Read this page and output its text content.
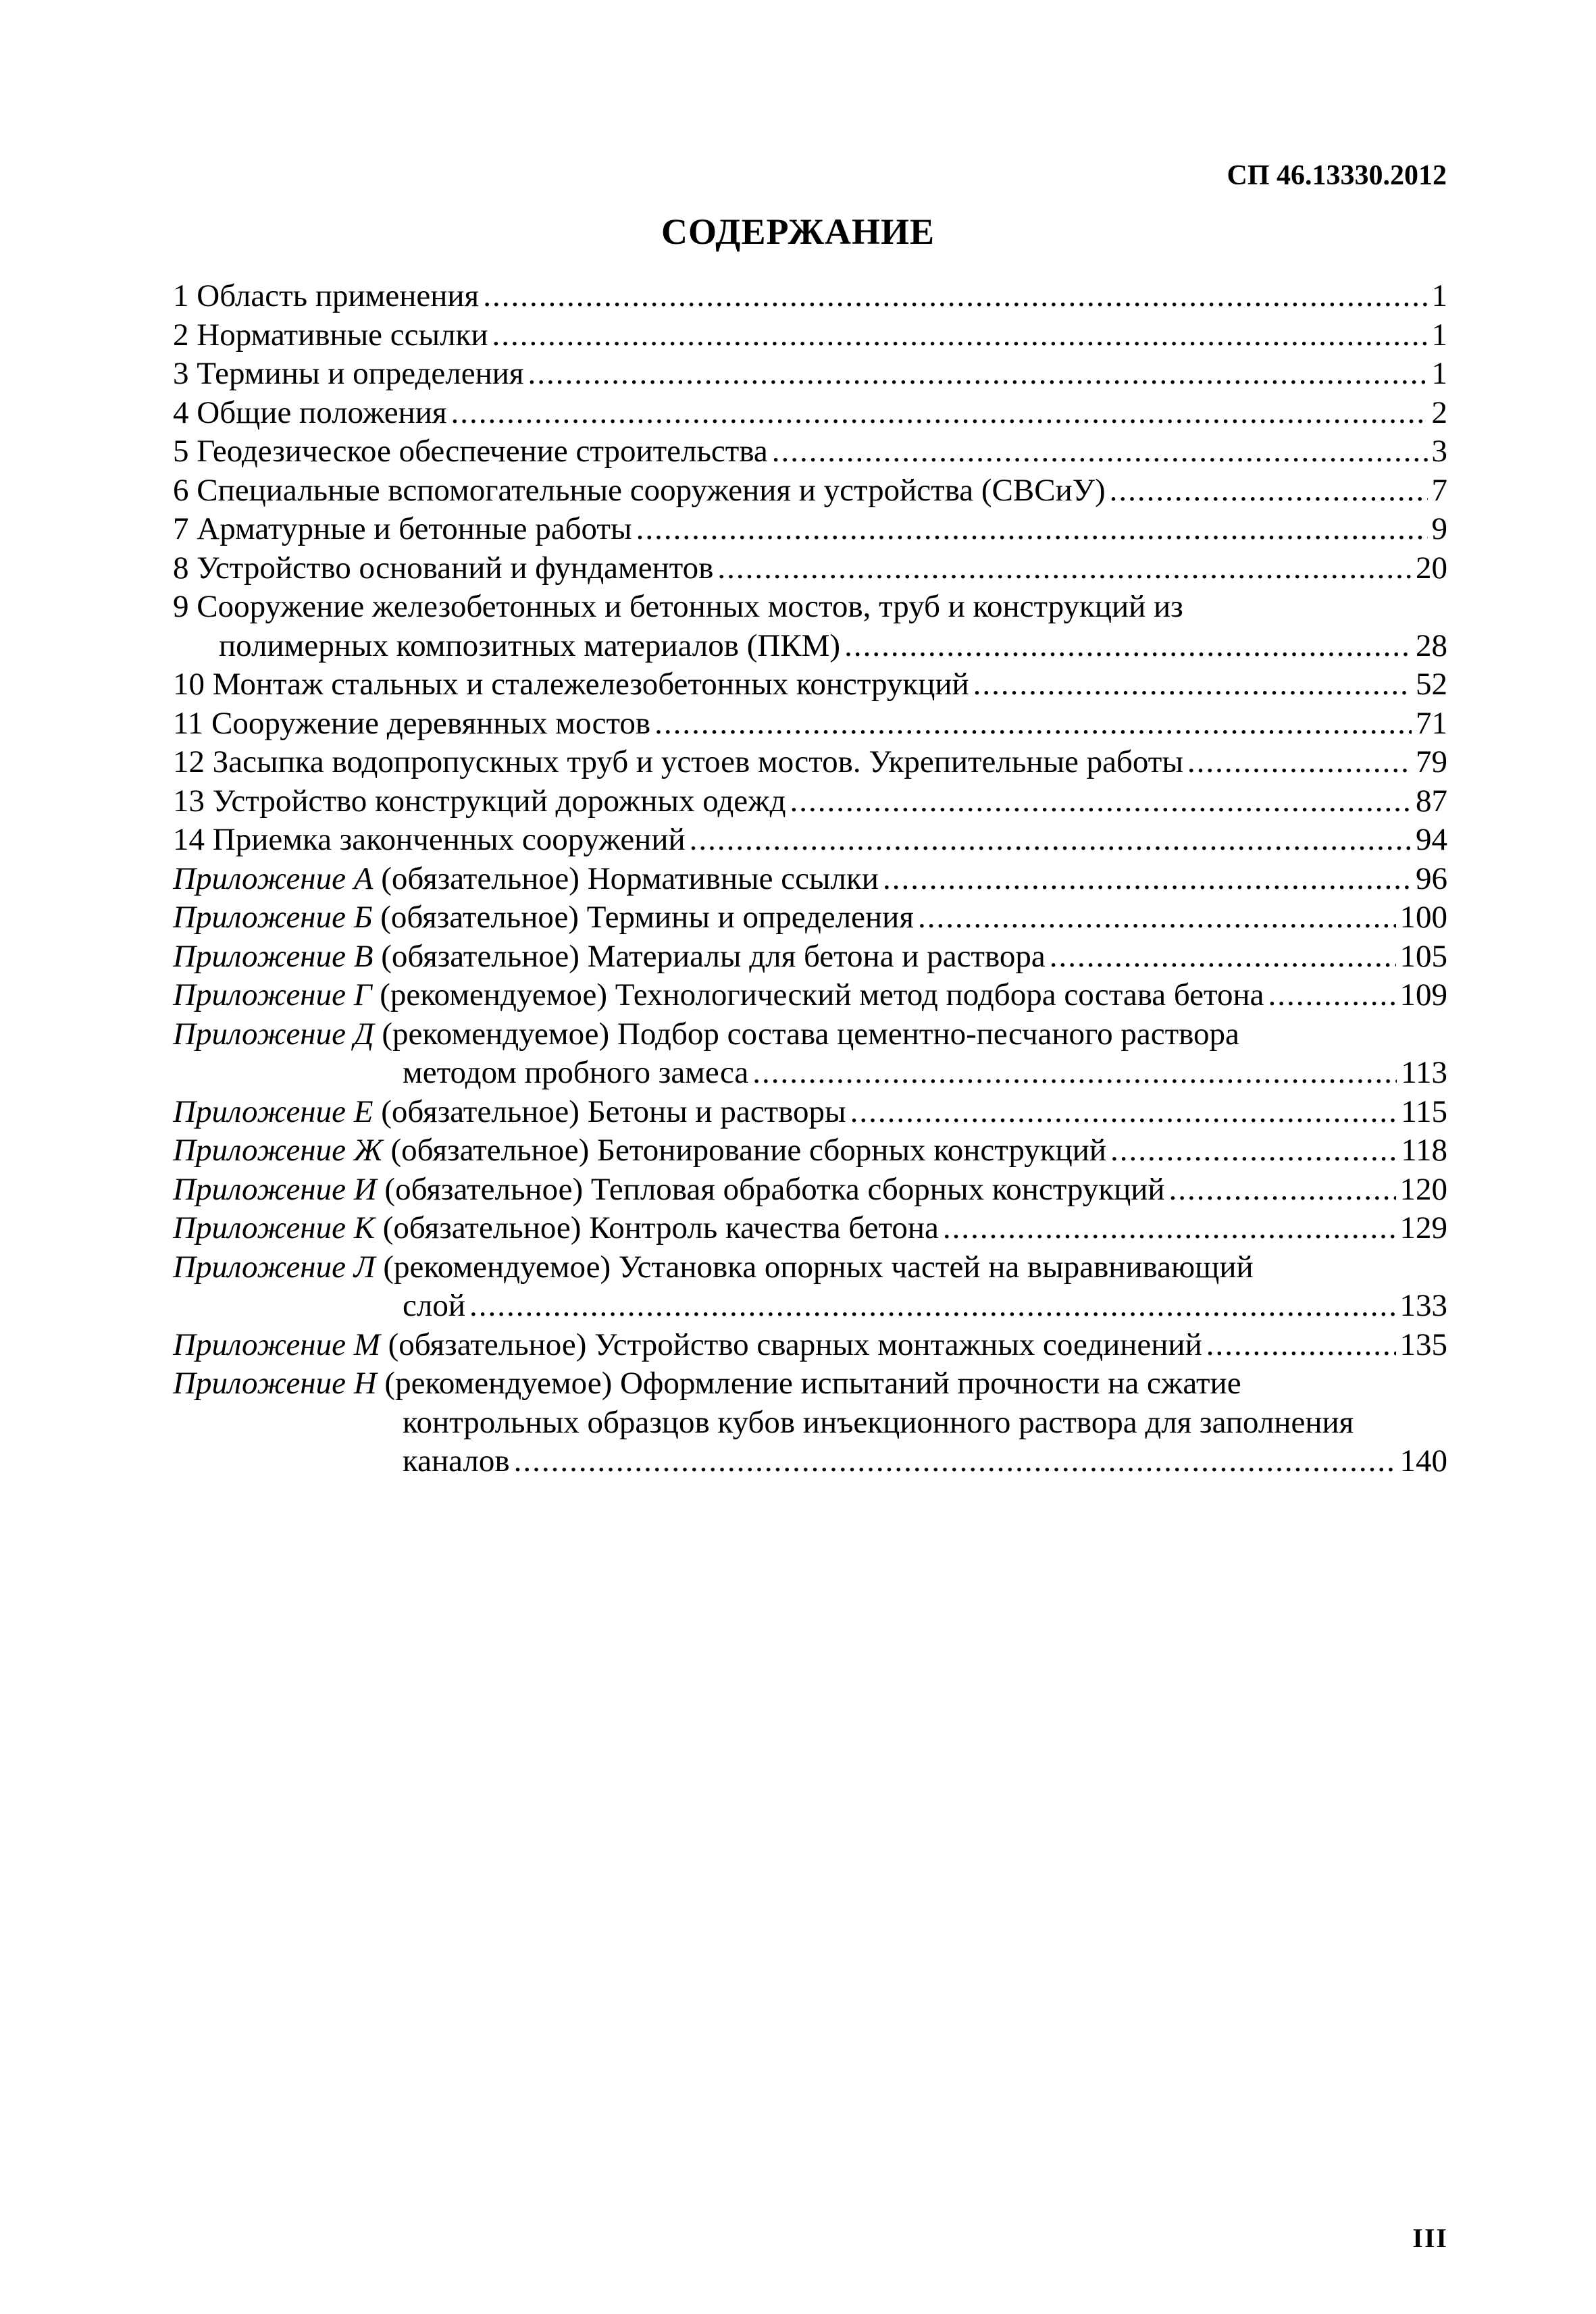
СП 46.13330.2012
СОДЕРЖАНИЕ
1 Область применения .....	1
2 Нормативные ссылки .....	1
3 Термины и определения .....	1
4 Общие положения .....	2
5 Геодезическое обеспечение строительства .....	3
6 Специальные вспомогательные сооружения и устройства (СВСиУ) .....	7
7 Арматурные и бетонные работы .....	9
8 Устройство оснований и фундаментов .....	20
9 Сооружение железобетонных и бетонных мостов, труб и конструкций из
полимерных композитных материалов (ПКМ) .....	28
10 Монтаж стальных и сталежелезобетонных конструкций .....	52
11 Сооружение деревянных мостов .....	71
12 Засыпка водопропускных труб и устоев мостов. Укрепительные работы .....	79
13 Устройство конструкций дорожных одежд .....	87
14 Приемка законченных сооружений .....	94
Приложение А (обязательное) Нормативные ссылки .....	96
Приложение Б (обязательное) Термины и определения .....	100
Приложение В (обязательное) Материалы для бетона и раствора .....	105
Приложение Г (рекомендуемое) Технологический метод подбора состава бетона .....	109
Приложение Д (рекомендуемое) Подбор состава цементно-песчаного раствора
методом пробного замеса .....	113
Приложение Е (обязательное) Бетоны и растворы .....	115
Приложение Ж (обязательное) Бетонирование сборных конструкций .....	118
Приложение И (обязательное) Тепловая обработка сборных конструкций .....	120
Приложение К (обязательное) Контроль качества бетона .....	129
Приложение Л (рекомендуемое) Установка опорных частей на выравнивающий
слой .....	133
Приложение М (обязательное) Устройство сварных монтажных соединений .....	135
Приложение Н (рекомендуемое) Оформление испытаний прочности на сжатие
контрольных образцов кубов инъекционного раствора для заполнения
каналов .....	140
III
